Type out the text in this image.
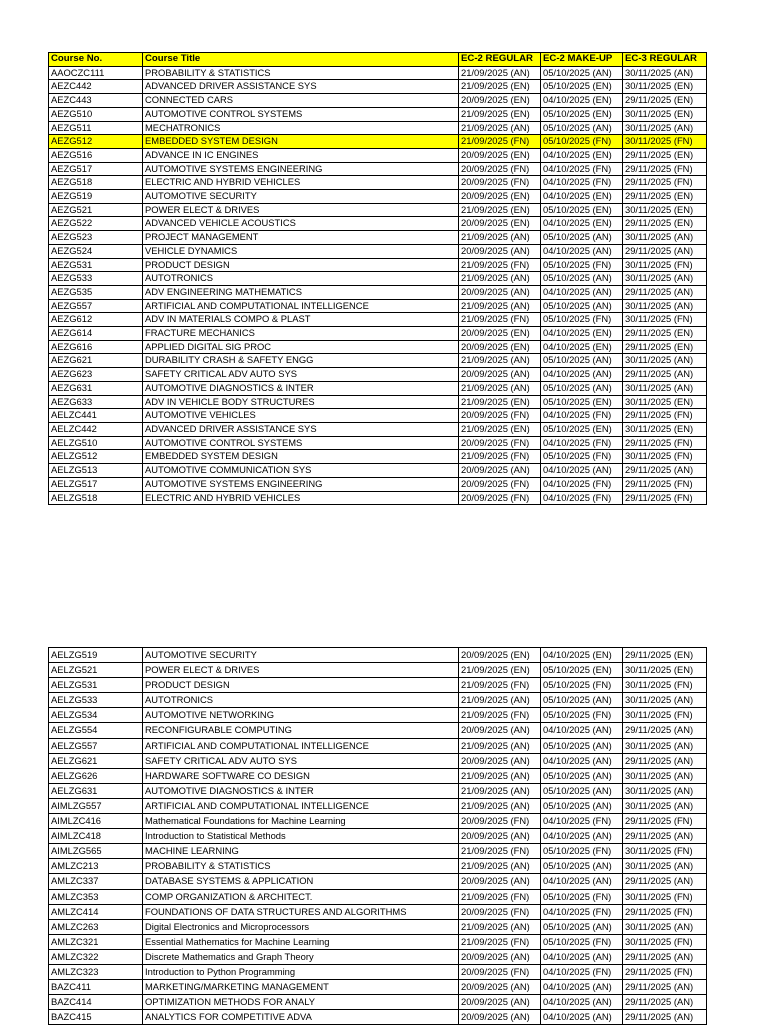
Course No.	Course Title	EC-2 REGULAR	EC-2 MAKE-UP	EC-3 REGULAR
AAOCZC111	PROBABILITY & STATISTICS	21/09/2025 (AN)	05/10/2025 (AN)	30/11/2025 (AN)
AEZC442	ADVANCED DRIVER ASSISTANCE SYS	21/09/2025 (EN)	05/10/2025 (EN)	30/11/2025 (EN)
AEZC443	CONNECTED CARS	20/09/2025 (EN)	04/10/2025 (EN)	29/11/2025 (EN)
AEZG510	AUTOMOTIVE CONTROL SYSTEMS	21/09/2025 (EN)	05/10/2025 (EN)	30/11/2025 (EN)
AEZG511	MECHATRONICS	21/09/2025 (AN)	05/10/2025 (AN)	30/11/2025 (AN)
AEZG512	EMBEDDED SYSTEM DESIGN	21/09/2025 (FN)	05/10/2025 (FN)	30/11/2025 (FN)
AEZG516	ADVANCE IN IC ENGINES	20/09/2025 (EN)	04/10/2025 (EN)	29/11/2025 (EN)
AEZG517	AUTOMOTIVE SYSTEMS ENGINEERING	20/09/2025 (FN)	04/10/2025 (FN)	29/11/2025 (FN)
AEZG518	ELECTRIC AND HYBRID VEHICLES	20/09/2025 (FN)	04/10/2025 (FN)	29/11/2025 (FN)
AEZG519	AUTOMOTIVE SECURITY	20/09/2025 (EN)	04/10/2025 (EN)	29/11/2025 (EN)
AEZG521	POWER ELECT & DRIVES	21/09/2025 (EN)	05/10/2025 (EN)	30/11/2025 (EN)
AEZG522	ADVANCED VEHICLE ACOUSTICS	20/09/2025 (EN)	04/10/2025 (EN)	29/11/2025 (EN)
AEZG523	PROJECT MANAGEMENT	21/09/2025 (AN)	05/10/2025 (AN)	30/11/2025 (AN)
AEZG524	VEHICLE DYNAMICS	20/09/2025 (AN)	04/10/2025 (AN)	29/11/2025 (AN)
AEZG531	PRODUCT DESIGN	21/09/2025 (FN)	05/10/2025 (FN)	30/11/2025 (FN)
AEZG533	AUTOTRONICS	21/09/2025 (AN)	05/10/2025 (AN)	30/11/2025 (AN)
AEZG535	ADV ENGINEERING MATHEMATICS	20/09/2025 (AN)	04/10/2025 (AN)	29/11/2025 (AN)
AEZG557	ARTIFICIAL AND COMPUTATIONAL INTELLIGENCE	21/09/2025 (AN)	05/10/2025 (AN)	30/11/2025 (AN)
AEZG612	ADV IN MATERIALS COMPO & PLAST	21/09/2025 (FN)	05/10/2025 (FN)	30/11/2025 (FN)
AEZG614	FRACTURE MECHANICS	20/09/2025 (EN)	04/10/2025 (EN)	29/11/2025 (EN)
AEZG616	APPLIED DIGITAL SIG PROC	20/09/2025 (EN)	04/10/2025 (EN)	29/11/2025 (EN)
AEZG621	DURABILITY CRASH & SAFETY ENGG	21/09/2025 (AN)	05/10/2025 (AN)	30/11/2025 (AN)
AEZG623	SAFETY CRITICAL ADV AUTO SYS	20/09/2025 (AN)	04/10/2025 (AN)	29/11/2025 (AN)
AEZG631	AUTOMOTIVE DIAGNOSTICS & INTER	21/09/2025 (AN)	05/10/2025 (AN)	30/11/2025 (AN)
AEZG633	ADV IN VEHICLE BODY STRUCTURES	21/09/2025 (EN)	05/10/2025 (EN)	30/11/2025 (EN)
AELZC441	AUTOMOTIVE VEHICLES	20/09/2025 (FN)	04/10/2025 (FN)	29/11/2025 (FN)
AELZC442	ADVANCED DRIVER ASSISTANCE SYS	21/09/2025 (EN)	05/10/2025 (EN)	30/11/2025 (EN)
AELZG510	AUTOMOTIVE CONTROL SYSTEMS	20/09/2025 (FN)	04/10/2025 (FN)	29/11/2025 (FN)
AELZG512	EMBEDDED SYSTEM DESIGN	21/09/2025 (FN)	05/10/2025 (FN)	30/11/2025 (FN)
AELZG513	AUTOMOTIVE COMMUNICATION SYS	20/09/2025 (AN)	04/10/2025 (AN)	29/11/2025 (AN)
AELZG517	AUTOMOTIVE SYSTEMS ENGINEERING	20/09/2025 (FN)	04/10/2025 (FN)	29/11/2025 (FN)
AELZG518	ELECTRIC AND HYBRID VEHICLES	20/09/2025 (FN)	04/10/2025 (FN)	29/11/2025 (FN)
AELZG519	AUTOMOTIVE SECURITY	20/09/2025 (EN)	04/10/2025 (EN)	29/11/2025 (EN)
AELZG521	POWER ELECT & DRIVES	21/09/2025 (EN)	05/10/2025 (EN)	30/11/2025 (EN)
AELZG531	PRODUCT DESIGN	21/09/2025 (FN)	05/10/2025 (FN)	30/11/2025 (FN)
AELZG533	AUTOTRONICS	21/09/2025 (AN)	05/10/2025 (AN)	30/11/2025 (AN)
AELZG534	AUTOMOTIVE NETWORKING	21/09/2025 (FN)	05/10/2025 (FN)	30/11/2025 (FN)
AELZG554	RECONFIGURABLE COMPUTING	20/09/2025 (AN)	04/10/2025 (AN)	29/11/2025 (AN)
AELZG557	ARTIFICIAL AND COMPUTATIONAL INTELLIGENCE	21/09/2025 (AN)	05/10/2025 (AN)	30/11/2025 (AN)
AELZG621	SAFETY CRITICAL ADV AUTO SYS	20/09/2025 (AN)	04/10/2025 (AN)	29/11/2025 (AN)
AELZG626	HARDWARE SOFTWARE CO DESIGN	21/09/2025 (AN)	05/10/2025 (AN)	30/11/2025 (AN)
AELZG631	AUTOMOTIVE DIAGNOSTICS & INTER	21/09/2025 (AN)	05/10/2025 (AN)	30/11/2025 (AN)
AIMLZG557	ARTIFICIAL AND COMPUTATIONAL INTELLIGENCE	21/09/2025 (AN)	05/10/2025 (AN)	30/11/2025 (AN)
AIMLZC416	Mathematical Foundations for Machine Learning	20/09/2025 (FN)	04/10/2025 (FN)	29/11/2025 (FN)
AIMLZC418	Introduction to Statistical Methods	20/09/2025 (AN)	04/10/2025 (AN)	29/11/2025 (AN)
AIMLZG565	MACHINE LEARNING	21/09/2025 (FN)	05/10/2025 (FN)	30/11/2025 (FN)
AMLZC213	PROBABILITY & STATISTICS	21/09/2025 (AN)	05/10/2025 (AN)	30/11/2025 (AN)
AMLZC337	DATABASE SYSTEMS & APPLICATION	20/09/2025 (AN)	04/10/2025 (AN)	29/11/2025 (AN)
AMLZC353	COMP ORGANIZATION & ARCHITECT.	21/09/2025 (FN)	05/10/2025 (FN)	30/11/2025 (FN)
AMLZC414	FOUNDATIONS OF DATA STRUCTURES AND ALGORITHMS	20/09/2025 (FN)	04/10/2025 (FN)	29/11/2025 (FN)
AMLZC263	Digital Electronics and Microprocessors	21/09/2025 (AN)	05/10/2025 (AN)	30/11/2025 (AN)
AMLZC321	Essential Mathematics for Machine Learning	21/09/2025 (FN)	05/10/2025 (FN)	30/11/2025 (FN)
AMLZC322	Discrete Mathematics and Graph Theory	20/09/2025 (AN)	04/10/2025 (AN)	29/11/2025 (AN)
AMLZC323	Introduction to Python Programming	20/09/2025 (FN)	04/10/2025 (FN)	29/11/2025 (FN)
BAZC411	MARKETING/MARKETING MANAGEMENT	20/09/2025 (AN)	04/10/2025 (AN)	29/11/2025 (AN)
BAZC414	OPTIMIZATION METHODS FOR ANALY	20/09/2025 (AN)	04/10/2025 (AN)	29/11/2025 (AN)
BAZC415	ANALYTICS FOR COMPETITIVE ADVA	20/09/2025 (AN)	04/10/2025 (AN)	29/11/2025 (AN)
